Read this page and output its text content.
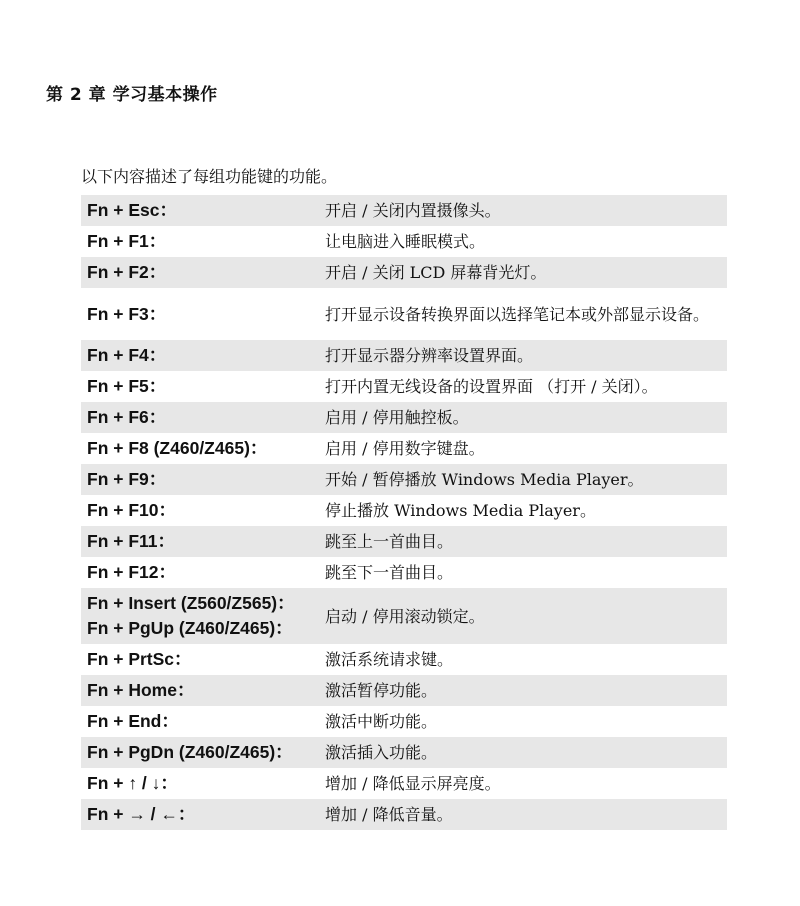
第 2 章 学习基本操作
以下内容描述了每组功能键的功能。
Fn + Esc：	开启 / 关闭内置摄像头。

Fn + F1：	让电脑进入睡眠模式。

Fn + F2：	开启 / 关闭 LCD 屏幕背光灯。

Fn + F3：	打开显示设备转换界面以选择笔记本或外部显示设备。

Fn + F4：	打开显示器分辨率设置界面。

Fn + F5：	打开内置无线设备的设置界面 （打开 / 关闭）。

Fn + F6：	启用 / 停用触控板。

Fn + F8 (Z460/Z465)：	启用 / 停用数字键盘。

Fn + F9：	开始 / 暂停播放 Windows Media Player。

Fn + F10：	停止播放 Windows Media Player。

Fn + F11：	跳至上一首曲目。

Fn + F12：	跳至下一首曲目。

Fn + Insert (Z560/Z565)：
Fn + PgUp (Z460/Z465)：	启动 / 停用滚动锁定。

Fn + PrtSc：	激活系统请求键。

Fn + Home：	激活暂停功能。

Fn + End：	激活中断功能。

Fn + PgDn (Z460/Z465)：	激活插入功能。

Fn + ↑ / ↓：	增加 / 降低显示屏亮度。

Fn + → / ←：	增加 / 降低音量。
